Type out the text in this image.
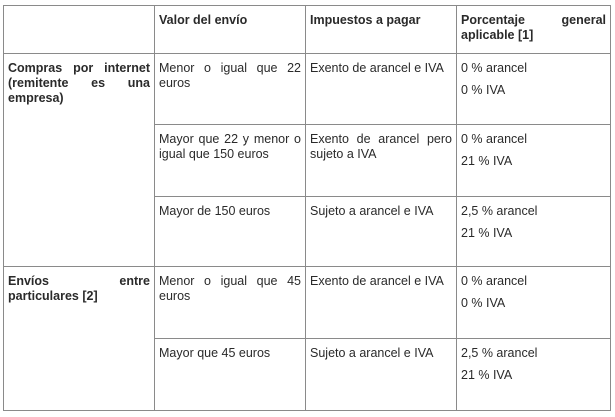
	Valor del envío	Impuestos a pagar	Porcentaje general aplicable [1]

Compras por internet (remitente es una empresa)	Menor o igual que 22 euros	Exento de arancel e IVA	0 % arancel
0 % IVA

	Mayor que 22 y menor o igual que 150 euros	Exento de arancel pero sujeto a IVA	0 % arancel
21 % IVA

	Mayor de 150 euros	Sujeto a arancel e IVA	2,5 % arancel
21 % IVA

Envíos entre particulares [2]	Menor o igual que 45 euros	Exento de arancel e IVA	0 % arancel
0 % IVA

	Mayor que 45 euros	Sujeto a arancel e IVA	2,5 % arancel
21 % IVA
